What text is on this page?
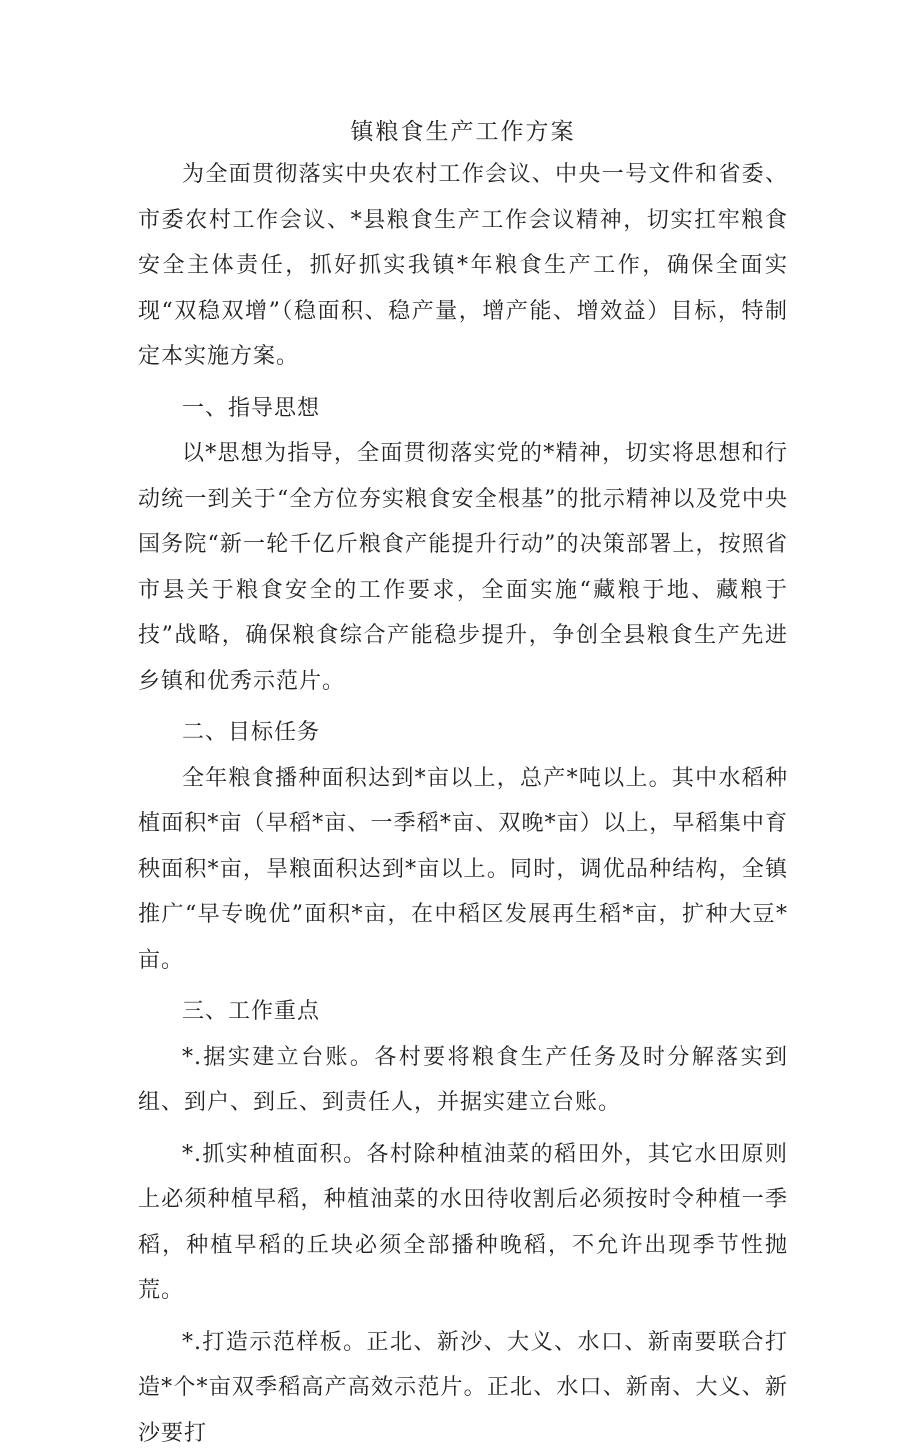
镇粮食生产工作方案

为全面贯彻落实中央农村工作会议、中央一号文件和省委、市委农村工作会议、*县粮食生产工作会议精神，切实扛牢粮食安全主体责任，抓好抓实我镇*年粮食生产工作，确保全面实现“双稳双增”（稳面积、稳产量，增产能、增效益）目标，特制定本实施方案。

一、指导思想

以*思想为指导，全面贯彻落实党的*精神，切实将思想和行动统一到关于“全方位夯实粮食安全根基”的批示精神以及党中央国务院“新一轮千亿斤粮食产能提升行动”的决策部署上，按照省市县关于粮食安全的工作要求，全面实施“藏粮于地、藏粮于技”战略，确保粮食综合产能稳步提升，争创全县粮食生产先进乡镇和优秀示范片。

二、目标任务

全年粮食播种面积达到*亩以上，总产*吨以上。其中水稻种植面积*亩（早稻*亩、一季稻*亩、双晚*亩）以上，早稻集中育秧面积*亩，旱粮面积达到*亩以上。同时，调优品种结构，全镇推广“早专晚优”面积*亩，在中稻区发展再生稻*亩，扩种大豆*亩。

三、工作重点

*.据实建立台账。各村要将粮食生产任务及时分解落实到组、到户、到丘、到责任人，并据实建立台账。

*.抓实种植面积。各村除种植油菜的稻田外，其它水田原则上必须种植早稻，种植油菜的水田待收割后必须按时令种植一季稻，种植早稻的丘块必须全部播种晚稻，不允许出现季节性抛荒。

*.打造示范样板。正北、新沙、大义、水口、新南要联合打造*个*亩双季稻高产高效示范片。正北、水口、新南、大义、新沙要打
